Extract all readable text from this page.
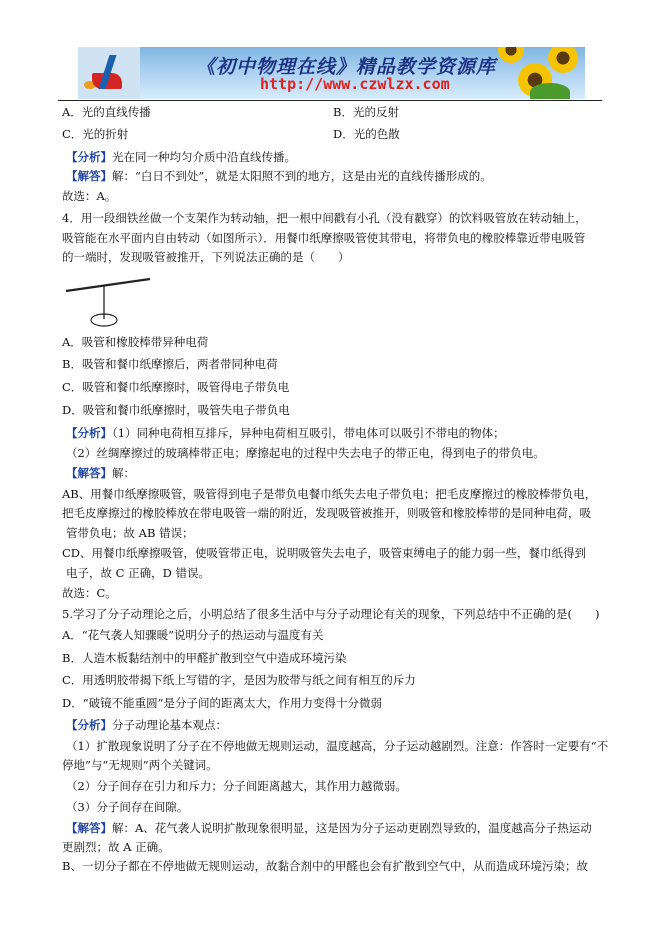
《初中物理在线》精品教学资源库
http://www.czwlzx.com
A．光的直线传播	B．光的反射
C．光的折射	D．光的色散
【分析】光在同一种均匀介质中沿直线传播。
【解答】解：“白日不到处”，就是太阳照不到的地方，这是由光的直线传播形成的。
故选：A。
4．用一段细铁丝做一个支架作为转动轴，把一根中间戳有小孔（没有戳穿）的饮料吸管放在转动轴上，
吸管能在水平面内自由转动（如图所示）．用餐巾纸摩擦吸管使其带电，将带负电的橡胶棒靠近带电吸管
的一端时，发现吸管被推开，下列说法正确的是（　　）
A．吸管和橡胶棒带异种电荷
B．吸管和餐巾纸摩擦后，两者带同种电荷
C．吸管和餐巾纸摩擦时，吸管得电子带负电
D．吸管和餐巾纸摩擦时，吸管失电子带负电
【分析】（1）同种电荷相互排斥，异种电荷相互吸引，带电体可以吸引不带电的物体；
（2）丝绸摩擦过的玻璃棒带正电；摩擦起电的过程中失去电子的带正电，得到电子的带负电。
【解答】解：
AB、用餐巾纸摩擦吸管，吸管得到电子是带负电餐巾纸失去电子带负电；把毛皮摩擦过的橡胶棒带负电，
把毛皮摩擦过的橡胶棒放在带电吸管一端的附近，发现吸管被推开，则吸管和橡胶棒带的是同种电荷，吸
管带负电；故 AB 错误；
CD、用餐巾纸摩擦吸管，使吸管带正电，说明吸管失去电子，吸管束缚电子的能力弱一些，餐巾纸得到
电子，故 C 正确，D 错误。
故选：C。
5.学习了分子动理论之后，小明总结了很多生活中与分子动理论有关的现象，下列总结中不正确的是(　　)
A．“花气袭人知骤暖”说明分子的热运动与温度有关
B．人造木板黏结剂中的甲醛扩散到空气中造成环境污染
C．用透明胶带揭下纸上写错的字，是因为胶带与纸之间有相互的斥力
D．“破镜不能重圆”是分子间的距离太大，作用力变得十分微弱
【分析】分子动理论基本观点：
（1）扩散现象说明了分子在不停地做无规则运动，温度越高，分子运动越剧烈。注意：作答时一定要有“不
停地”与“无规则”两个关键词。
（2）分子间存在引力和斥力；分子间距离越大，其作用力越微弱。
（3）分子间存在间隙。
【解答】解：A、花气袭人说明扩散现象很明显，这是因为分子运动更剧烈导致的，温度越高分子热运动
更剧烈；故 A 正确。
B、一切分子都在不停地做无规则运动，故黏合剂中的甲醛也会有扩散到空气中，从而造成环境污染；故
